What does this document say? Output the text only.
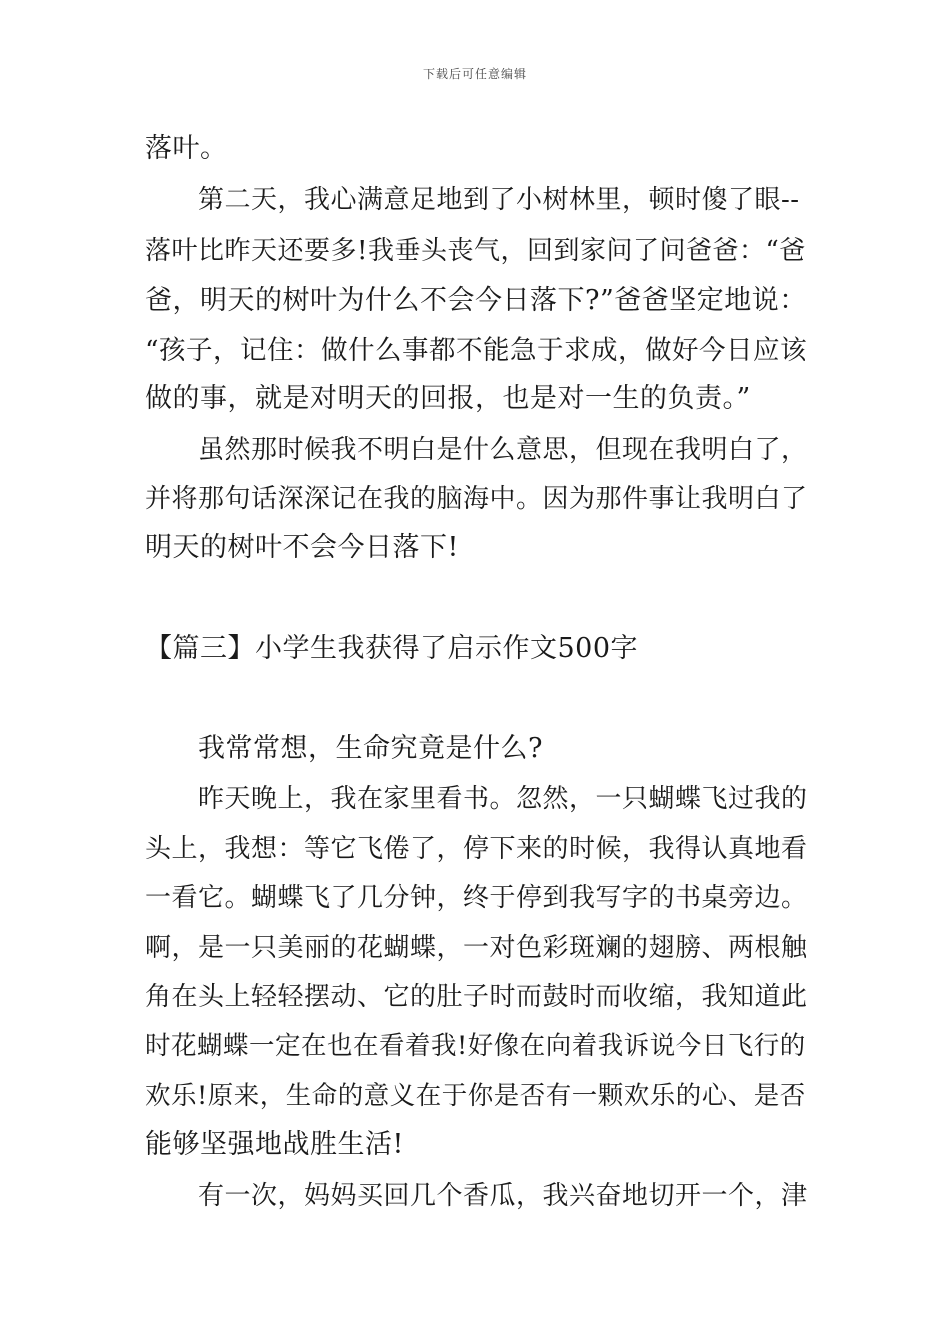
下载后可任意编辑
落叶。
第二天，我心满意足地到了小树林里，顿时傻了眼--
落叶比昨天还要多!我垂头丧气，回到家问了问爸爸：“爸
爸，明天的树叶为什么不会今日落下?”爸爸坚定地说：
“孩子，记住：做什么事都不能急于求成，做好今日应该
做的事，就是对明天的回报，也是对一生的负责。”
虽然那时候我不明白是什么意思，但现在我明白了，
并将那句话深深记在我的脑海中。因为那件事让我明白了
明天的树叶不会今日落下!
【篇三】小学生我获得了启示作文500字
我常常想，生命究竟是什么?
昨天晚上，我在家里看书。忽然，一只蝴蝶飞过我的
头上，我想：等它飞倦了，停下来的时候，我得认真地看
一看它。蝴蝶飞了几分钟，终于停到我写字的书桌旁边。
啊，是一只美丽的花蝴蝶，一对色彩斑斓的翅膀、两根触
角在头上轻轻摆动、它的肚子时而鼓时而收缩，我知道此
时花蝴蝶一定在也在看着我!好像在向着我诉说今日飞行的
欢乐!原来，生命的意义在于你是否有一颗欢乐的心、是否
能够坚强地战胜生活!
有一次，妈妈买回几个香瓜，我兴奋地切开一个，津
